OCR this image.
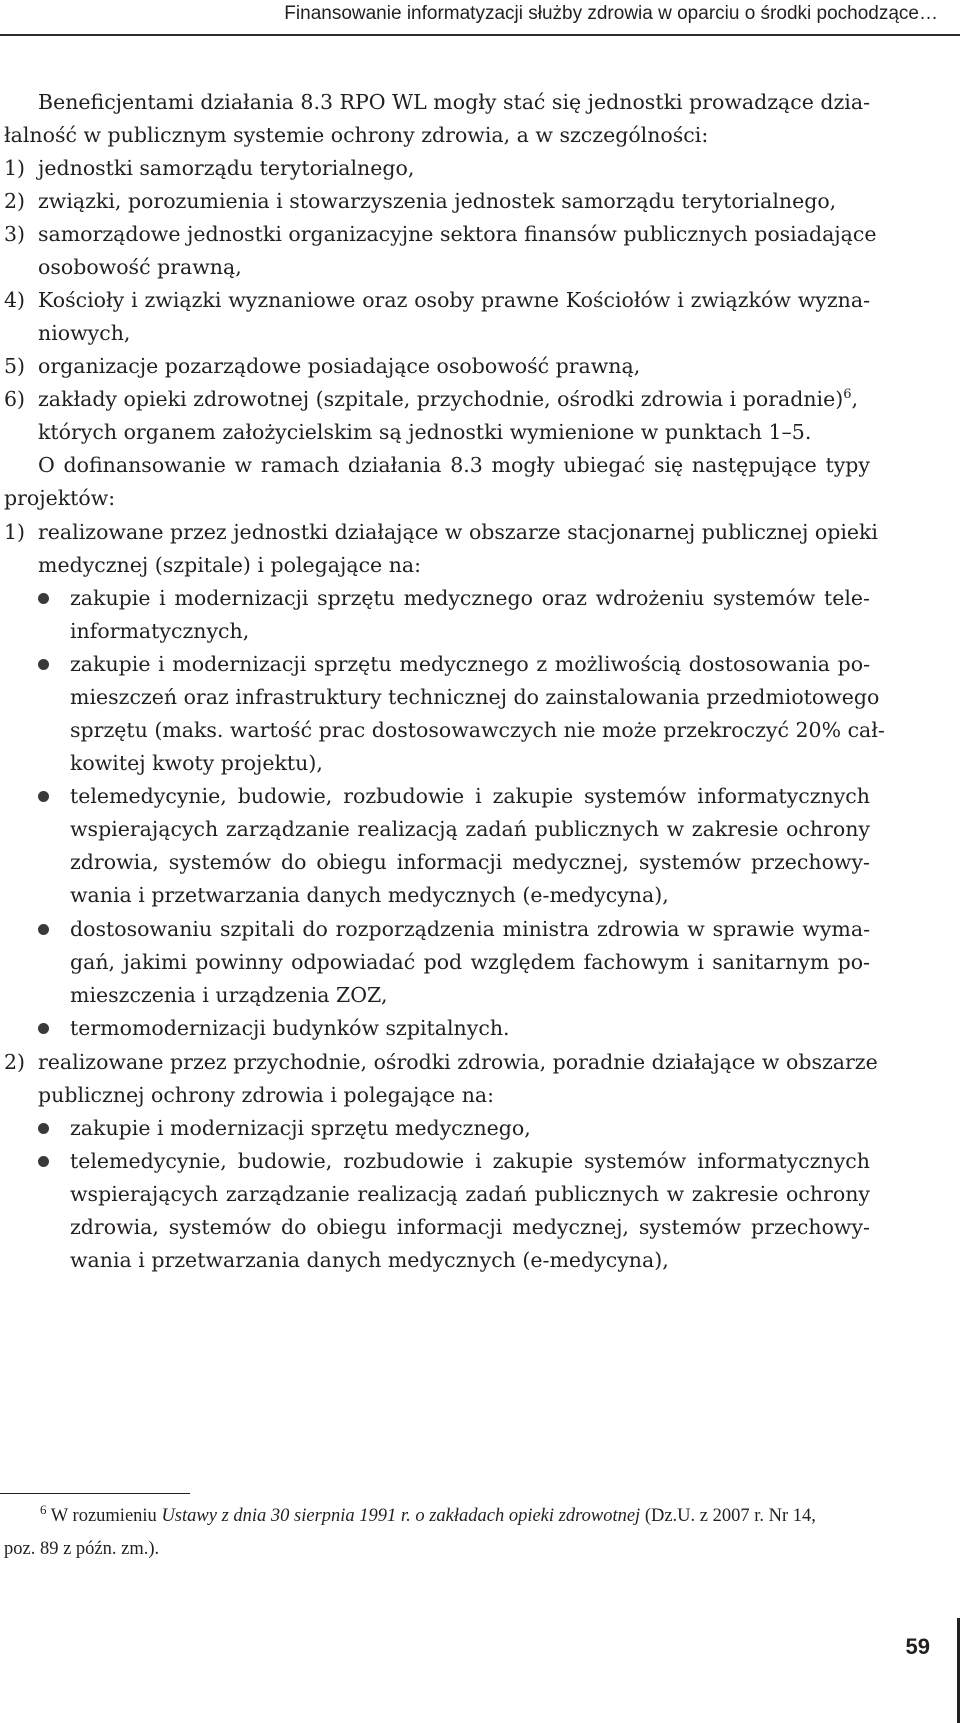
Finansowanie informatyzacji służby zdrowia w oparciu o środki pochodzące…
Beneficjentami działania 8.3 RPO WL mogły stać się jednostki prowadzące dzia-
łalność w publicznym systemie ochrony zdrowia, a w szczególności:
1) jednostki samorządu terytorialnego,
2) związki, porozumienia i stowarzyszenia jednostek samorządu terytorialnego,
3) samorządowe jednostki organizacyjne sektora finansów publicznych posiadające
osobowość prawną,
4) Kościoły i związki wyznaniowe oraz osoby prawne Kościołów i związków wyzna-
niowych,
5) organizacje pozarządowe posiadające osobowość prawną,
6) zakłady opieki zdrowotnej (szpitale, przychodnie, ośrodki zdrowia i poradnie)$^6$,
których organem założycielskim są jednostki wymienione w punktach 1–5.
O dofinansowanie w ramach działania 8.3 mogły ubiegać się następujące typy
projektów:
1) realizowane przez jednostki działające w obszarze stacjonarnej publicznej opieki
medycznej (szpitale) i polegające na:
zakupie i modernizacji sprzętu medycznego oraz wdrożeniu systemów tele-
informatycznych,
zakupie i modernizacji sprzętu medycznego z możliwością dostosowania po-
mieszczeń oraz infrastruktury technicznej do zainstalowania przedmiotowego
sprzętu (maks. wartość prac dostosowawczych nie może przekroczyć 20% cał-
kowitej kwoty projektu),
telemedycynie, budowie, rozbudowie i zakupie systemów informatycznych
wspierających zarządzanie realizacją zadań publicznych w zakresie ochrony
zdrowia, systemów do obiegu informacji medycznej, systemów przechowy-
wania i przetwarzania danych medycznych (e-medycyna),
dostosowaniu szpitali do rozporządzenia ministra zdrowia w sprawie wyma-
gań, jakimi powinny odpowiadać pod względem fachowym i sanitarnym po-
mieszczenia i urządzenia ZOZ,
termomodernizacji budynków szpitalnych.
2) realizowane przez przychodnie, ośrodki zdrowia, poradnie działające w obszarze
publicznej ochrony zdrowia i polegające na:
zakupie i modernizacji sprzętu medycznego,
telemedycynie, budowie, rozbudowie i zakupie systemów informatycznych
wspierających zarządzanie realizacją zadań publicznych w zakresie ochrony
zdrowia, systemów do obiegu informacji medycznej, systemów przechowy-
wania i przetwarzania danych medycznych (e-medycyna),
$^6$ W rozumieniu Ustawy z dnia 30 sierpnia 1991 r. o zakładach opieki zdrowotnej (Dz.U. z 2007 r. Nr 14,
poz. 89 z późn. zm.).
59
